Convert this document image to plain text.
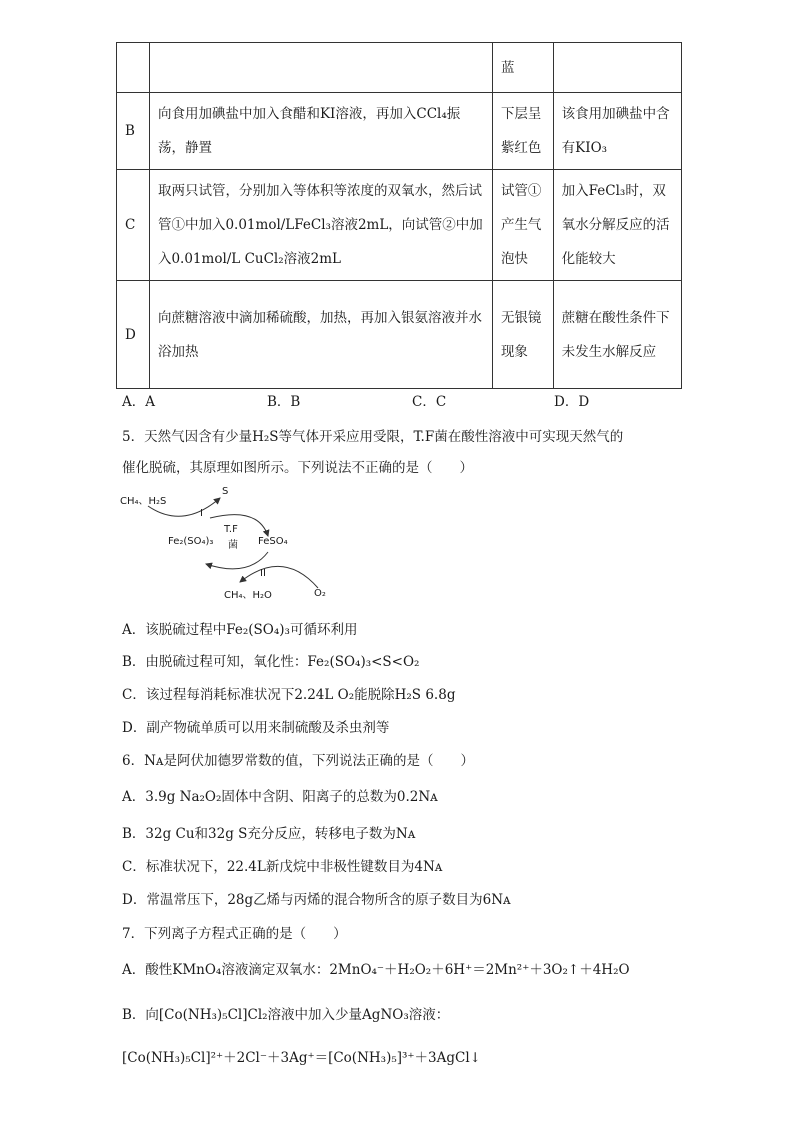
		蓝	
B	向食用加碘盐中加入食醋和KI溶液，再加入CCl₄振荡，静置	下层呈紫红色	该食用加碘盐中含有KIO₃
C	取两只试管，分别加入等体积等浓度的双氧水，然后试管①中加入0.01mol/LFeCl₃溶液2mL，向试管②中加入0.01mol/L CuCl₂溶液2mL	试管①产生气泡快	加入FeCl₃时，双氧水分解反应的活化能较大
D	向蔗糖溶液中滴加稀硫酸，加热，再加入银氨溶液并水浴加热	无银镜现象	蔗糖在酸性条件下未发生水解反应
A．A	B．B	C．C	D．D
5．天然气因含有少量H₂S等气体开采应用受限，T.F菌在酸性溶液中可实现天然气的
催化脱硫，其原理如图所示。下列说法不正确的是（　　）
CH₄、H₂S
S
I
Fe₂(SO₄)₃
T.F
菌 FeSO₄
II
CH₄、H₂O	O₂
A．该脱硫过程中Fe₂(SO₄)₃可循环利用
B．由脱硫过程可知，氧化性：Fe₂(SO₄)₃<S<O₂
C．该过程每消耗标准状况下2.24L O₂能脱除H₂S 6.8g
D．副产物硫单质可以用来制硫酸及杀虫剂等
6．Nᴀ是阿伏加德罗常数的值，下列说法正确的是（　　）
A．3.9g Na₂O₂固体中含阴、阳离子的总数为0.2Nᴀ
B．32g Cu和32g S充分反应，转移电子数为Nᴀ
C．标准状况下，22.4L新戊烷中非极性键数目为4Nᴀ
D．常温常压下，28g乙烯与丙烯的混合物所含的原子数目为6Nᴀ
7．下列离子方程式正确的是（　　）
A．酸性KMnO₄溶液滴定双氧水：2MnO₄⁻＋H₂O₂＋6H⁺＝2Mn²⁺＋3O₂↑＋4H₂O
B．向[Co(NH₃)₅Cl]Cl₂溶液中加入少量AgNO₃溶液：
[Co(NH₃)₅Cl]²⁺＋2Cl⁻＋3Ag⁺＝[Co(NH₃)₅]³⁺＋3AgCl↓
